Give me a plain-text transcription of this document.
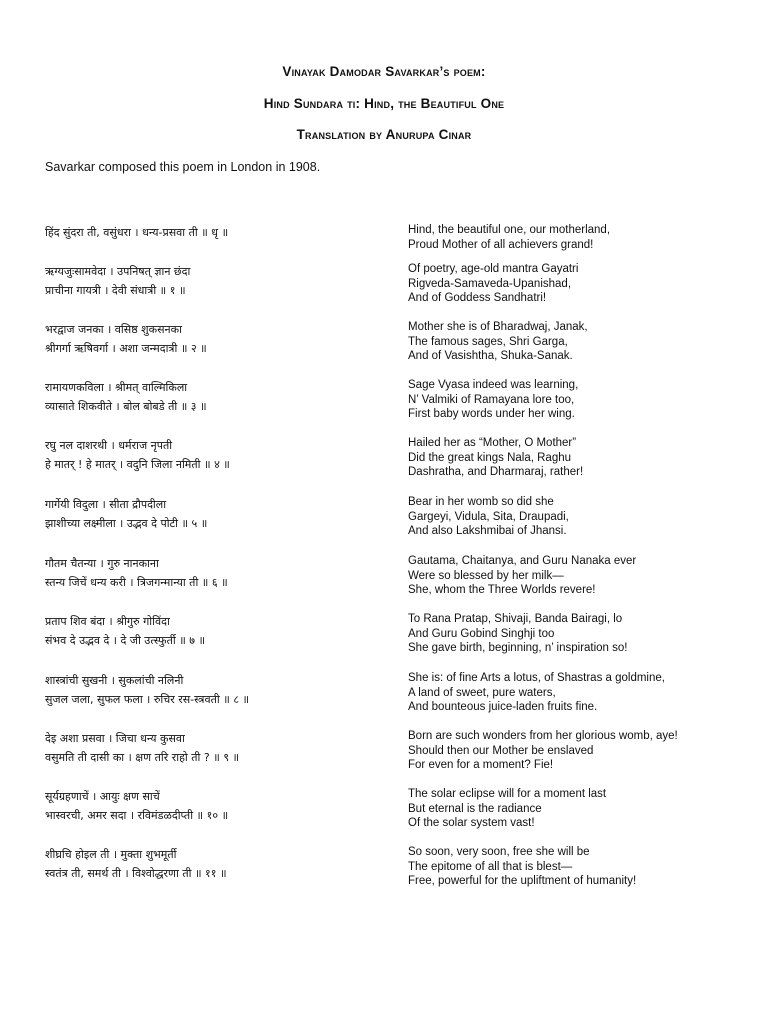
Vinayak Damodar Savarkar’s poem:
Hind Sundara ti: Hind, the Beautiful One
Translation by Anurupa Cinar
Savarkar composed this poem in London in 1908.
हिंद सुंदरा ती, वसुंधरा । धन्य-प्रसवा ती ॥ धृ ॥	Hind, the beautiful one, our motherland,
Proud Mother of all achievers grand!
ऋग्यजुःसामवेदा । उपनिषत् ज्ञान छंदा
प्राचीना गायत्री । देवी संधात्री ॥ १ ॥
Of poetry, age-old mantra Gayatri
Rigveda-Samaveda-Upanishad,
And of Goddess Sandhatri!
भरद्वाज जनका । वसिष्ठ शुकसनका
श्रीगर्गा ऋषिवर्गा । अशा जन्मदात्री ॥ २ ॥
Mother she is of Bharadwaj, Janak,
The famous sages, Shri Garga,
And of Vasishtha, Shuka-Sanak.
रामायणकविला । श्रीमत् वाल्मिकिला
व्यासाते शिकवीते । बोल बोबडे ती ॥ ३ ॥
Sage Vyasa indeed was learning,
N’ Valmiki of Ramayana lore too,
First baby words under her wing.
रघु नल दाशरथी । धर्मराज नृपती
हे मातर् ! हे मातर् । वदुनि जिला नमिती ॥ ४ ॥
Hailed her as “Mother, O Mother”
Did the great kings Nala, Raghu
Dashratha, and Dharmaraj, rather!
गार्गेयी विदुला । सीता द्रौपदीला
झाशीच्या लक्ष्मीला । उद्भव दे पोटी ॥ ५ ॥
Bear in her womb so did she
Gargeyi, Vidula, Sita, Draupadi,
And also Lakshmibai of Jhansi.
गौतम चैतन्या । गुरु नानकाना
स्तन्य जिचें धन्य करी । त्रिजगन्मान्या ती ॥ ६ ॥
Gautama, Chaitanya, and Guru Nanaka ever
Were so blessed by her milk—
She, whom the Three Worlds revere!
प्रताप शिव बंदा । श्रीगुरु गोविंदा
संभव दे उद्भव दे । दे जी उत्स्फुर्ती ॥ ७ ॥
To Rana Pratap, Shivaji, Banda Bairagi, lo
And Guru Gobind Singhji too
She gave birth, beginning, n’ inspiration so!
शास्त्रांची सुखनी । सुकलांची नलिनी
सुजल जला, सुफल फला । रुचिर रस-स्त्रवती ॥ ८ ॥
She is: of fine Arts a lotus, of Shastras a goldmine,
A land of sweet, pure waters,
And bounteous juice-laden fruits fine.
देइ अशा प्रसवा । जिचा धन्य कुसवा
वसुमति ती दासी का । क्षण तरि राहो ती ? ॥ ९ ॥
Born are such wonders from her glorious womb, aye!
Should then our Mother be enslaved
For even for a moment? Fie!
सूर्यग्रहणाचें । आयुः क्षण साचें
भास्वरची, अमर सदा । रविमंडळदीप्ती ॥ १० ॥
The solar eclipse will for a moment last
But eternal is the radiance
Of the solar system vast!
शीघ्रचि होइल ती । मुक्ता शुभमूर्ती
स्वतंत्र ती, समर्थ ती । विश्वोद्धरणा ती ॥ ११ ॥
So soon, very soon, free she will be
The epitome of all that is blest—
Free, powerful for the upliftment of humanity!
